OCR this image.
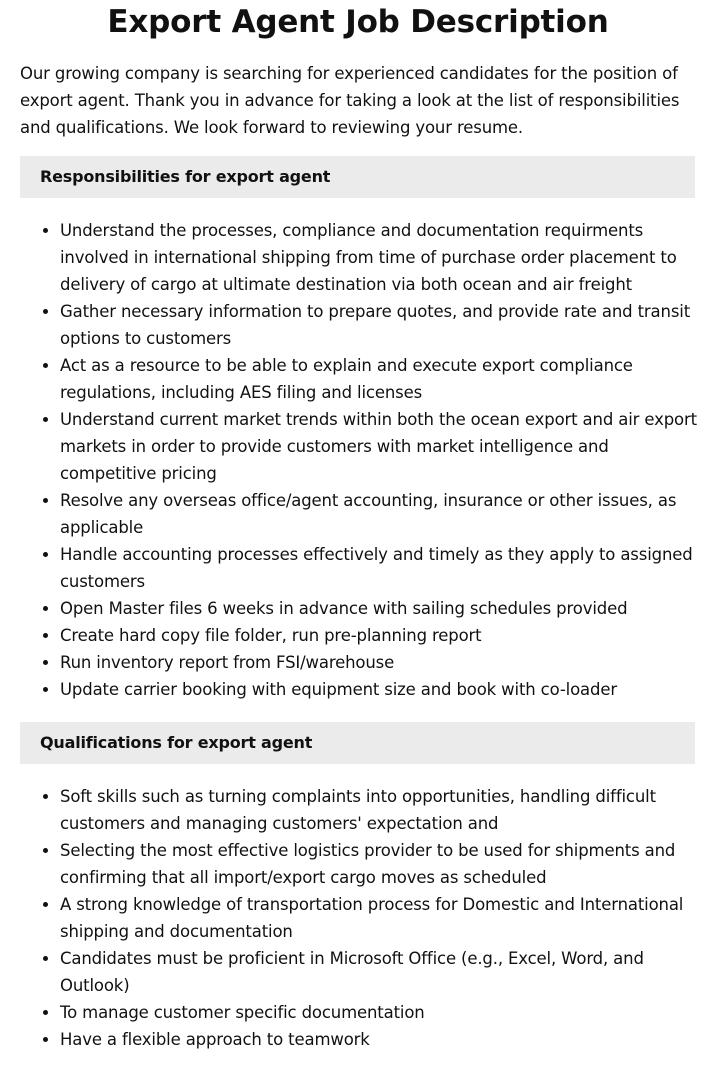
Export Agent Job Description

Our growing company is searching for experienced candidates for the position of export agent. Thank you in advance for taking a look at the list of responsibilities and qualifications. We look forward to reviewing your resume.

Responsibilities for export agent
• Understand the processes, compliance and documentation requirments involved in international shipping from time of purchase order placement to delivery of cargo at ultimate destination via both ocean and air freight
• Gather necessary information to prepare quotes, and provide rate and transit options to customers
• Act as a resource to be able to explain and execute export compliance regulations, including AES filing and licenses
• Understand current market trends within both the ocean export and air export markets in order to provide customers with market intelligence and competitive pricing
• Resolve any overseas office/agent accounting, insurance or other issues, as applicable
• Handle accounting processes effectively and timely as they apply to assigned customers
• Open Master files 6 weeks in advance with sailing schedules provided
• Create hard copy file folder, run pre-planning report
• Run inventory report from FSI/warehouse
• Update carrier booking with equipment size and book with co-loader
Qualifications for export agent
• Soft skills such as turning complaints into opportunities, handling difficult customers and managing customers' expectation and
• Selecting the most effective logistics provider to be used for shipments and confirming that all import/export cargo moves as scheduled
• A strong knowledge of transportation process for Domestic and International shipping and documentation
• Candidates must be proficient in Microsoft Office (e.g., Excel, Word, and Outlook)
• To manage customer specific documentation
• Have a flexible approach to teamwork
